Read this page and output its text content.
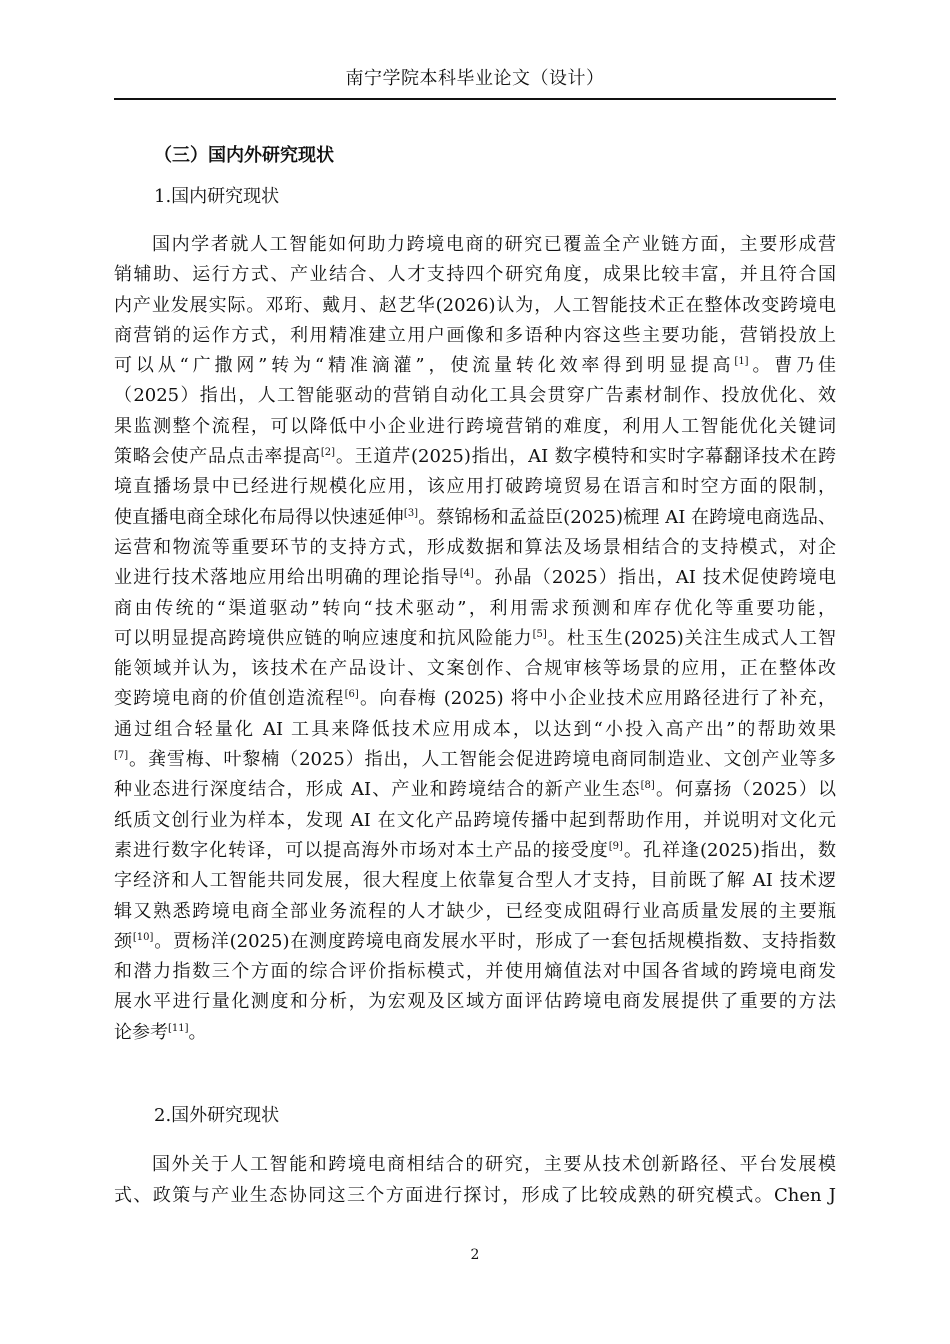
南宁学院本科毕业论文（设计）
（三）国内外研究现状
1.国内研究现状
国内学者就人工智能如何助力跨境电商的研究已覆盖全产业链方面，主要形成营
销辅助、运行方式、产业结合、人才支持四个研究角度，成果比较丰富，并且符合国
内产业发展实际。邓珩、戴月、赵艺华(2026)认为，人工智能技术正在整体改变跨境电
商营销的运作方式，利用精准建立用户画像和多语种内容这些主要功能，营销投放上
可以从“广撒网”转为“精准滴灌”，使流量转化效率得到明显提高[1]。曹乃佳
（2025）指出，人工智能驱动的营销自动化工具会贯穿广告素材制作、投放优化、效
果监测整个流程，可以降低中小企业进行跨境营销的难度，利用人工智能优化关键词
策略会使产品点击率提高[2]。王道芹(2025)指出，AI 数字模特和实时字幕翻译技术在跨
境直播场景中已经进行规模化应用，该应用打破跨境贸易在语言和时空方面的限制，
使直播电商全球化布局得以快速延伸[3]。蔡锦杨和孟益臣(2025)梳理 AI 在跨境电商选品、
运营和物流等重要环节的支持方式，形成数据和算法及场景相结合的支持模式，对企
业进行技术落地应用给出明确的理论指导[4]。孙晶（2025）指出，AI 技术促使跨境电
商由传统的“渠道驱动”转向“技术驱动”，利用需求预测和库存优化等重要功能，
可以明显提高跨境供应链的响应速度和抗风险能力[5]。杜玉生(2025)关注生成式人工智
能领域并认为，该技术在产品设计、文案创作、合规审核等场景的应用，正在整体改
变跨境电商的价值创造流程[6]。向春梅 (2025) 将中小企业技术应用路径进行了补充，
通过组合轻量化 AI 工具来降低技术应用成本，以达到“小投入高产出”的帮助效果
[7]。龚雪梅、叶黎楠（2025）指出，人工智能会促进跨境电商同制造业、文创产业等多
种业态进行深度结合，形成 AI、产业和跨境结合的新产业生态[8]。何嘉扬（2025）以
纸质文创行业为样本，发现 AI 在文化产品跨境传播中起到帮助作用，并说明对文化元
素进行数字化转译，可以提高海外市场对本土产品的接受度[9]。孔祥逢(2025)指出，数
字经济和人工智能共同发展，很大程度上依靠复合型人才支持，目前既了解 AI 技术逻
辑又熟悉跨境电商全部业务流程的人才缺少，已经变成阻碍行业高质量发展的主要瓶
颈[10]。贾杨洋(2025)在测度跨境电商发展水平时，形成了一套包括规模指数、支持指数
和潜力指数三个方面的综合评价指标模式，并使用熵值法对中国各省域的跨境电商发
展水平进行量化测度和分析，为宏观及区域方面评估跨境电商发展提供了重要的方法
论参考[11]。
2.国外研究现状
国外关于人工智能和跨境电商相结合的研究，主要从技术创新路径、平台发展模
式、政策与产业生态协同这三个方面进行探讨，形成了比较成熟的研究模式。Chen J
2
